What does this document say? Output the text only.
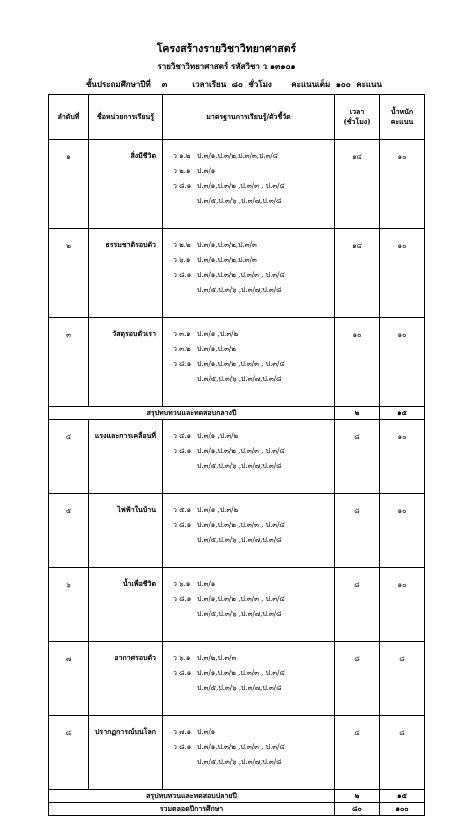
โครงสร้างรายวิชาวิทยาศาสตร์
รายวิชาวิทยาศาสตร์ รหัสวิชา ว ๑๓๑๐๑
ชั้นประถมศึกษาปีที่    ๓         เวลาเรียน  ๘๐  ชั่วโมง       คะแนนเต็ม  ๑๐๐  คะแนน
ลำดับที่	ชื่อหน่วยการเรียนรู้	มาตรฐานการเรียนรู้/ตัวชี้วัด	เวลา
(ชั่วโมง)	น้ำหนัก
คะแนน
๑	สิ่งมีชีวิต	ว ๑.๒ ป.๓/๑,ป.๓/๒,ป.๓/๓,ป.๓/๔
ว ๒.๑ ป.๓/๑
ว ๘.๑ ป.๓/๑,ป.๓/๒ ,ป.๓/๓ , ป.๓/๔
ป.๓/๕,ป.๓/๖ ,ป.๓/๗,ป.๓/๘	๑๔	๑๐
๒	ธรรมชาติรอบตัว	ว ๒.๒ ป.๓/๑,ป.๓/๒,ป.๓/๓
ว ๖.๑ ป.๓/๑,ป.๓/๒,ป.๓/๓
ว ๘.๑ ป.๓/๑,ป.๓/๒ ,ป.๓/๓ , ป.๓/๔
ป.๓/๕,ป.๓/๖ ,ป.๓/๗,ป.๓/๘	๑๔	๑๐
๓	วัสดุรอบตัวเรา	ว ๓.๑ ป.๓/๑ ,ป.๓/๒
ว ๓.๒ ป.๓/๑,ป.๓/๒
ว ๘.๑ ป.๓/๑,ป.๓/๒ ,ป.๓/๓ , ป.๓/๔
ป.๓/๕,ป.๓/๖ ,ป.๓/๗,ป.๓/๘	๑๐	๑๐
สรุปทบทวนและทดสอบกลางปี			๒	๑๕
๔	แรงและการเคลื่อนที่	ว ๔.๑ ป.๓/๑ ,ป.๓/๒
ว ๘.๑ ป.๓/๑,ป.๓/๒ ,ป.๓/๓ , ป.๓/๔
ป.๓/๕,ป.๓/๖ ,ป.๓/๗,ป.๓/๘	๘	๑๐
๕	ไฟฟ้าในบ้าน	ว ๕.๑ ป.๓/๑ ,ป.๓/๒
ว ๘.๑ ป.๓/๑,ป.๓/๒ ,ป.๓/๓ , ป.๓/๔
ป.๓/๕,ป.๓/๖ ,ป.๓/๗,ป.๓/๘	๘	๑๐
๖	น้ำเพื่อชีวิต	ว ๖.๑ ป.๓/๑
ว ๘.๑ ป.๓/๑,ป.๓/๒ ,ป.๓/๓ , ป.๓/๔
ป.๓/๕,ป.๓/๖ ,ป.๓/๗,ป.๓/๘	๘	๑๐
๗	อากาศรอบตัว	ว ๖.๑ ป.๓/๒,ป.๓/๓
ว ๘.๑ ป.๓/๑,ป.๓/๒ ,ป.๓/๓ , ป.๓/๔
ป.๓/๕,ป.๓/๖ ,ป.๓/๗,ป.๓/๘	๘	๘
๘	ปรากฏการณ์บนโลก	ว ๗.๑ ป.๓/๑
ว ๘.๑ ป.๓/๑,ป.๓/๒ ,ป.๓/๓ , ป.๓/๔
ป.๓/๕,ป.๓/๖ ,ป.๓/๗,ป.๓/๘	๔	๘
สรุปทบทวนและทดสอบปลายปี			๒	๑๕
รวมตลอดปีการศึกษา			๘๐	๑๐๐
